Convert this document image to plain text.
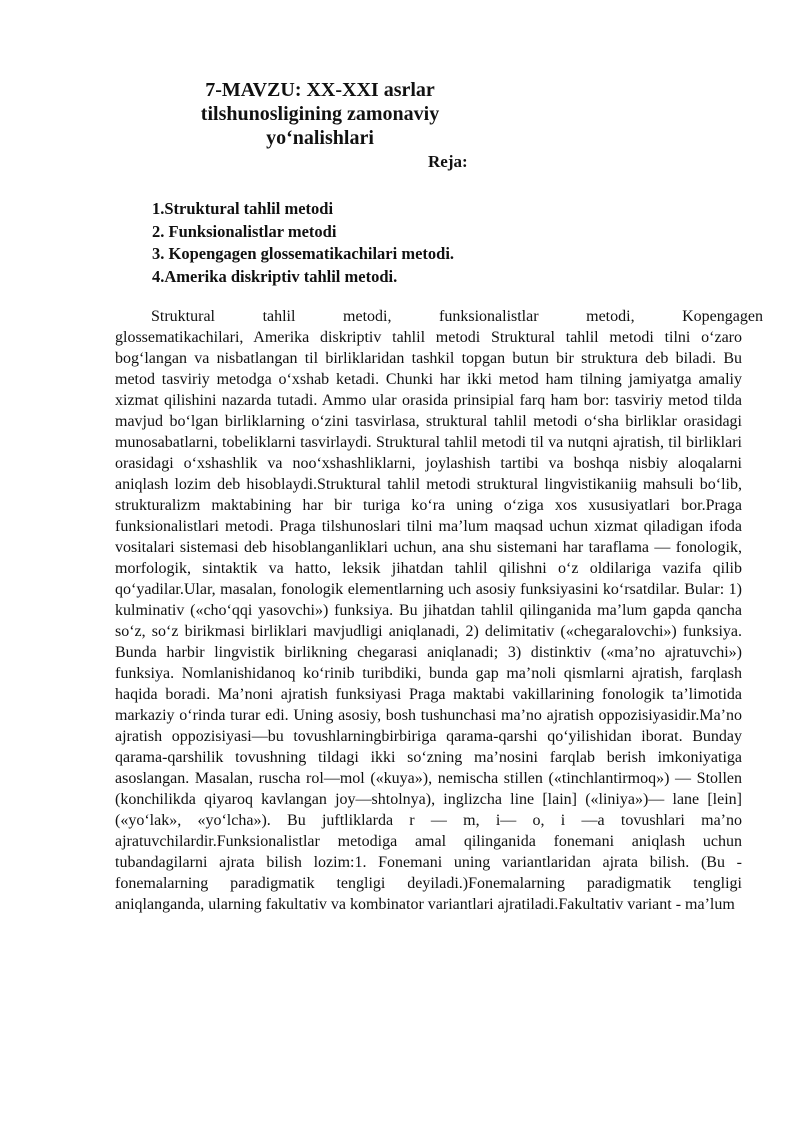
7-MAVZU: XX-XXI asrlar
tilshunosligining zamonaviy
yo‘nalishlari
Reja:
1.Struktural tahlil metodi
2. Funksionalistlar metodi
3. Kopengagen glossematikachilari metodi.
4.Amerika diskriptiv tahlil metodi.
Struktural	tahlil	metodi,	funksionalistlar	metodi,	Kopengagen

glossematikachilari, Amerika diskriptiv tahlil metodi Struktural tahlil metodi tilni o‘zaro bog‘langan va nisbatlangan til birliklaridan tashkil topgan butun bir struktura deb biladi. Bu metod tasviriy metodga o‘xshab ketadi. Chunki har ikki metod ham tilning jamiyatga amaliy xizmat qilishini nazarda tutadi. Ammo ular orasida prinsipial farq ham bor: tasviriy metod tilda mavjud bo‘lgan birliklarning o‘zini tasvirlasa, struktural tahlil metodi o‘sha birliklar orasidagi munosabatlarni, tobeliklarni tasvirlaydi. Struktural tahlil metodi til va nutqni ajratish, til birliklari orasidagi o‘xshashlik va noo‘xshashliklarni, joylashish tartibi va boshqa nisbiy aloqalarni aniqlash lozim deb hisoblaydi.Struktural tahlil metodi struktural lingvistikaniig mahsuli bo‘lib, strukturalizm maktabining har bir turiga ko‘ra uning o‘ziga xos xususiyatlari bor.Praga funksionalistlari metodi. Praga tilshunoslari tilni ma’lum maqsad uchun xizmat qiladigan ifoda vositalari sistemasi deb hisoblanganliklari uchun, ana shu sistemani har taraflama — fonologik, morfologik, sintaktik va hatto, leksik jihatdan tahlil qilishni o‘z oldilariga vazifa qilib qo‘yadilar.Ular, masalan, fonologik elementlarning uch asosiy funksiyasini ko‘rsatdilar. Bular: 1) kulminativ («cho‘qqi yasovchi») funksiya. Bu jihatdan tahlil qilinganida ma’lum gapda qancha so‘z, so‘z birikmasi birliklari mavjudligi aniqlanadi, 2) delimitativ («chegaralovchi») funksiya. Bunda harbir lingvistik birlikning chegarasi aniqlanadi; 3) distinktiv («ma’no ajratuvchi») funksiya. Nomlanishidanoq ko‘rinib turibdiki, bunda gap ma’noli qismlarni ajratish, farqlash haqida boradi. Ma’noni ajratish funksiyasi Praga maktabi vakillarining fonologik ta’limotida markaziy o‘rinda turar edi. Uning asosiy, bosh tushunchasi ma’no ajratish oppozisiyasidir.Ma’no ajratish oppozisiyasi—bu tovushlarningbirbiriga qarama-qarshi qo‘yilishidan iborat. Bunday qarama-qarshilik tovushning tildagi ikki so‘zning ma’nosini farqlab berish imkoniyatiga asoslangan. Masalan, ruscha rol—mol («kuya»), nemischa stillen («tinchlantirmoq») — Stollen (konchilikda qiyaroq kavlangan joy—shtolnya), inglizcha line [lain] («liniya»)— lane [lein] («yo‘lak», «yo‘lcha»). Bu juftliklarda r — m, i— o, i —a tovushlari ma’no ajratuvchilardir.Funksionalistlar metodiga amal qilinganida fonemani aniqlash uchun tubandagilarni ajrata bilish lozim:1. Fonemani uning variantlaridan ajrata bilish. (Bu - fonemalarning paradigmatik tengligi deyiladi.)Fonemalarning paradigmatik tengligi aniqlanganda, ularning fakultativ va kombinator variantlari ajratiladi.Fakultativ variant - ma’lum
